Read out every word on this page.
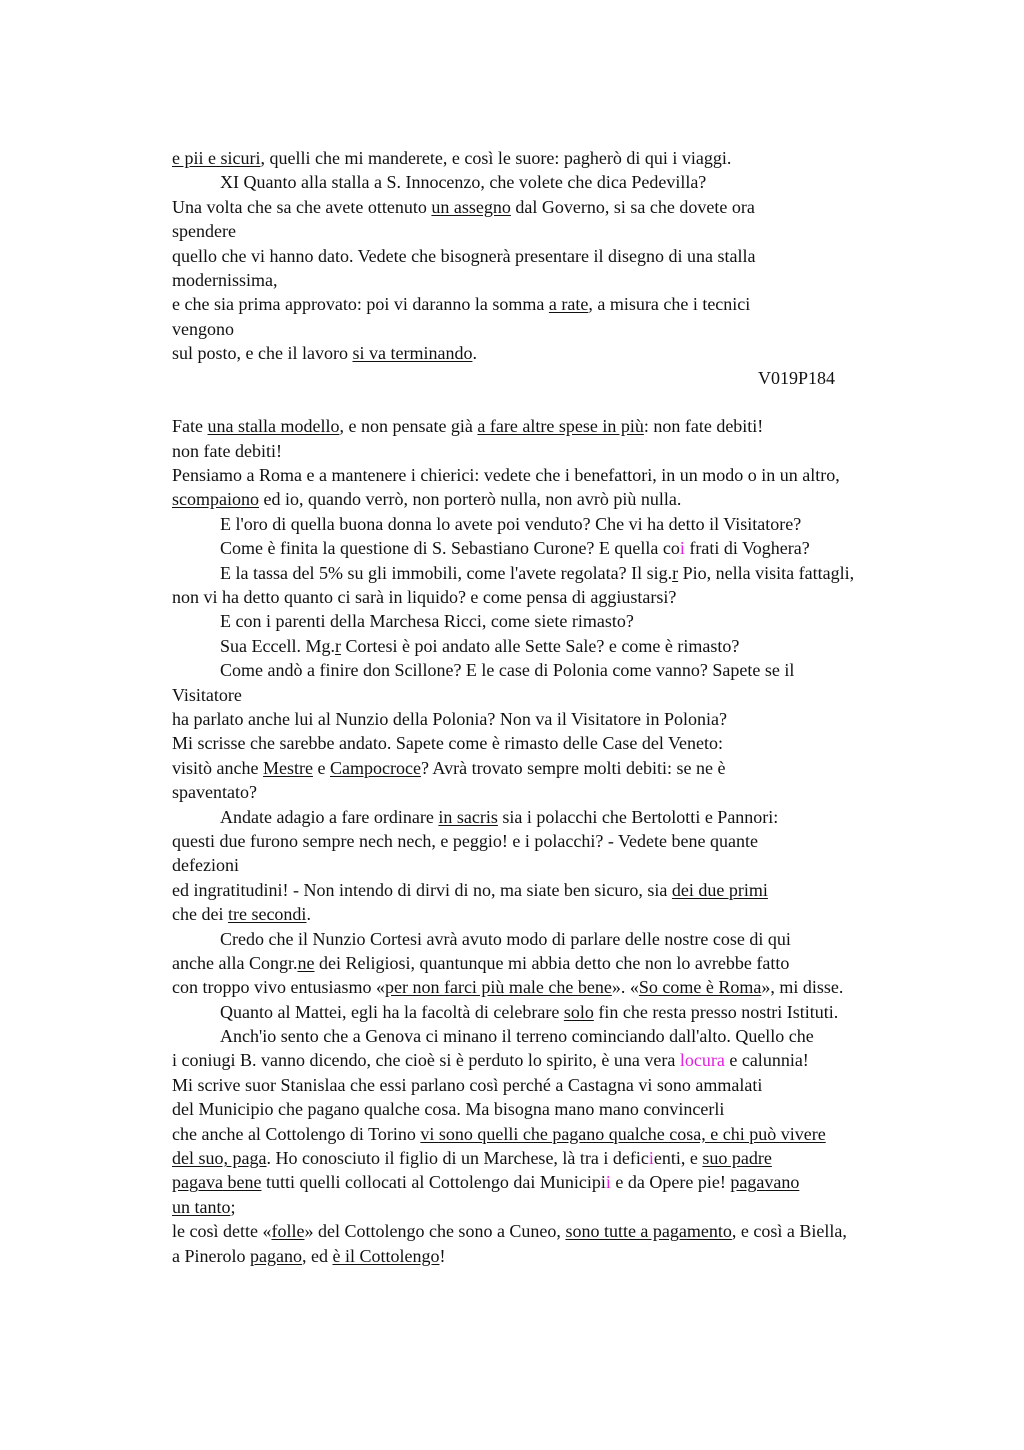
e pii e sicuri, quelli che mi manderete, e così le suore: pagherò di qui i viaggi.
XI Quanto alla stalla a S. Innocenzo, che volete che dica Pedevilla?
Una volta che sa che avete ottenuto un assegno dal Governo, si sa che dovete ora
spendere
quello che vi hanno dato. Vedete che bisognerà presentare il disegno di una stalla
modernissima,
e che sia prima approvato: poi vi daranno la somma a rate, a misura che i tecnici
vengono
sul posto, e che il lavoro si va terminando.
V019P184
Fate una stalla modello, e non pensate già a fare altre spese in più: non fate debiti!
non fate debiti!
Pensiamo a Roma e a mantenere i chierici: vedete che i benefattori, in un modo o in un altro,
scompaiono ed io, quando verrò, non porterò nulla, non avrò più nulla.
E l'oro di quella buona donna lo avete poi venduto? Che vi ha detto il Visitatore?
Come è finita la questione di S. Sebastiano Curone? E quella coi frati di Voghera?
E la tassa del 5% su gli immobili, come l'avete regolata? Il sig.r Pio, nella visita fattagli,
non vi ha detto quanto ci sarà in liquido? e come pensa di aggiustarsi?
E con i parenti della Marchesa Ricci, come siete rimasto?
Sua Eccell. Mg.r Cortesi è poi andato alle Sette Sale? e come è rimasto?
Come andò a finire don Scillone? E le case di Polonia come vanno? Sapete se il
Visitatore
ha parlato anche lui al Nunzio della Polonia? Non va il Visitatore in Polonia?
Mi scrisse che sarebbe andato. Sapete come è rimasto delle Case del Veneto:
visitò anche Mestre e Campocroce? Avrà trovato sempre molti debiti: se ne è
spaventato?
Andate adagio a fare ordinare in sacris sia i polacchi che Bertolotti e Pannori:
questi due furono sempre nech nech, e peggio! e i polacchi? - Vedete bene quante
defezioni
ed ingratitudini! - Non intendo di dirvi di no, ma siate ben sicuro, sia dei due primi
che dei tre secondi.
Credo che il Nunzio Cortesi avrà avuto modo di parlare delle nostre cose di qui
anche alla Congr.ne dei Religiosi, quantunque mi abbia detto che non lo avrebbe fatto
con troppo vivo entusiasmo «per non farci più male che bene». «So come è Roma», mi disse.
Quanto al Mattei, egli ha la facoltà di celebrare solo fin che resta presso nostri Istituti.
Anch'io sento che a Genova ci minano il terreno cominciando dall'alto. Quello che
i coniugi B. vanno dicendo, che cioè si è perduto lo spirito, è una vera locura e calunnia!
Mi scrive suor Stanislaa che essi parlano così perché a Castagna vi sono ammalati
del Municipio che pagano qualche cosa. Ma bisogna mano mano convincerli
che anche al Cottolengo di Torino vi sono quelli che pagano qualche cosa, e chi può vivere
del suo, paga. Ho conosciuto il figlio di un Marchese, là tra i deficienti, e suo padre
pagava bene tutti quelli collocati al Cottolengo dai Municipii e da Opere pie! pagavano
un tanto;
le così dette «folle» del Cottolengo che sono a Cuneo, sono tutte a pagamento, e così a Biella,
a Pinerolo pagano, ed è il Cottolengo!
